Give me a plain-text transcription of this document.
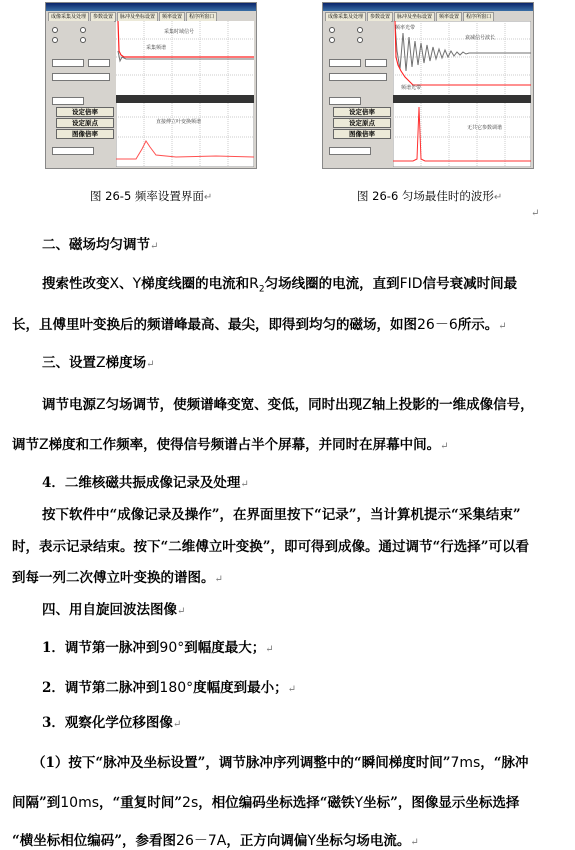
成像采集及处理	参数设置	脉冲及坐标设置	频率设置	程序所窗口
设定倍率
设定原点
图像倍率
采集时域信号
采集频谱
直接傅立叶变换频谱
成像采集及处理	参数设置	脉冲及坐标设置	频率设置	程序所窗口
设定倍率
设定原点
图像倍率
频率光带
衰减信号波长
频谱光带
无共它参数调谐
图 26-5 频率设置界面↵	图 26-6 匀场最佳时的波形↵
↵
二、磁场均匀调节↵
搜索性改变X、Y梯度线圈的电流和$R_2$匀场线圈的电流，直到FID信号衰减时间最
长，且傅里叶变换后的频谱峰最高、最尖，即得到均匀的磁场，如图26－6所示。↵
三、设置Z梯度场↵
调节电源Z匀场调节，使频谱峰变宽、变低，同时出现Z轴上投影的一维成像信号，
调节Z梯度和工作频率，使得信号频谱占半个屏幕，并同时在屏幕中间。↵
4．二维核磁共振成像记录及处理↵
按下软件中“成像记录及操作”，在界面里按下“记录”，当计算机提示“采集结束”
时，表示记录结束。按下“二维傅立叶变换”，即可得到成像。通过调节“行选择”可以看
到每一列二次傅立叶变换的谱图。↵
四、用自旋回波法图像↵
1．调节第一脉冲到90°到幅度最大；↵
2．调节第二脉冲到180°度幅度到最小；↵
3．观察化学位移图像↵
（1）按下“脉冲及坐标设置”，调节脉冲序列调整中的“瞬间梯度时间”7ms，“脉冲
间隔”到10ms，“重复时间”2s，相位编码坐标选择“磁铁Y坐标”，图像显示坐标选择
“横坐标相位编码”，参看图26－7A，正方向调偏Y坐标匀场电流。↵
